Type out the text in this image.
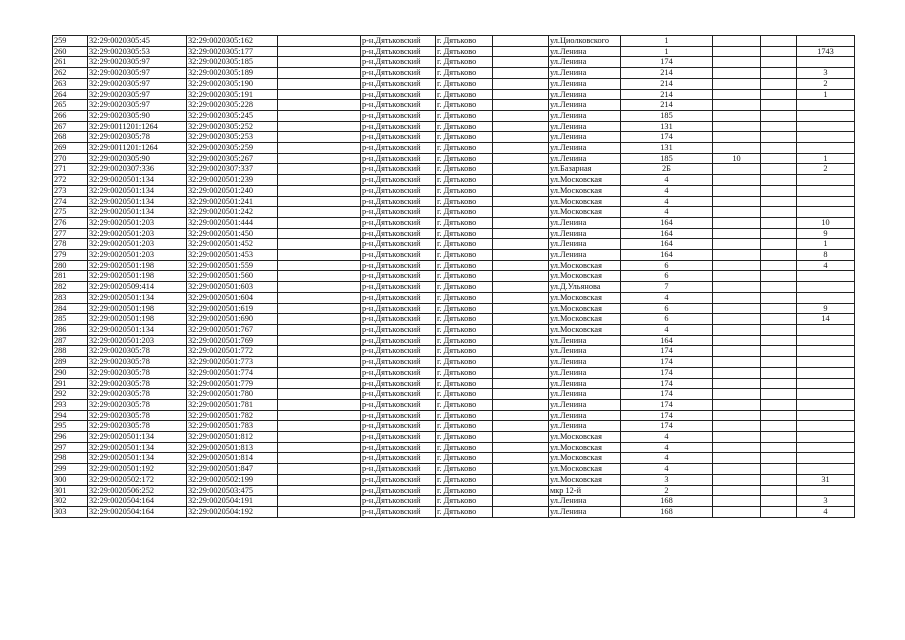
259	32:29:0020305:45	32:29:0020305:162		р-н.Дятьковский	г. Дятьково		ул.Циолковского	1			
260	32:29:0020305:53	32:29:0020305:177		р-н.Дятьковский	г. Дятьково		ул.Ленина	1			1743
261	32:29:0020305:97	32:29:0020305:185		р-н.Дятьковский	г. Дятьково		ул.Ленина	174			
262	32:29:0020305:97	32:29:0020305:189		р-н.Дятьковский	г. Дятьково		ул.Ленина	214			3
263	32:29:0020305:97	32:29:0020305:190		р-н.Дятьковский	г. Дятьково		ул.Ленина	214			2
264	32:29:0020305:97	32:29:0020305:191		р-н.Дятьковский	г. Дятьково		ул.Ленина	214			1
265	32:29:0020305:97	32:29:0020305:228		р-н.Дятьковский	г. Дятьково		ул.Ленина	214			
266	32:29:0020305:90	32:29:0020305:245		р-н.Дятьковский	г. Дятьково		ул.Ленина	185			
267	32:29:0011201:1264	32:29:0020305:252		р-н.Дятьковский	г. Дятьково		ул.Ленина	131			
268	32:29:0020305:78	32:29:0020305:253		р-н.Дятьковский	г. Дятьково		ул.Ленина	174			
269	32:29:0011201:1264	32:29:0020305:259		р-н.Дятьковский	г. Дятьково		ул.Ленина	131			
270	32:29:0020305:90	32:29:0020305:267		р-н.Дятьковский	г. Дятьково		ул.Ленина	185	10		1
271	32:29:0020307:336	32:29:0020307:337		р-н.Дятьковский	г. Дятьково		ул.Базарная	2Б			2
272	32:29:0020501:134	32:29:0020501:239		р-н.Дятьковский	г. Дятьково		ул.Московская	4			
273	32:29:0020501:134	32:29:0020501:240		р-н.Дятьковский	г. Дятьково		ул.Московская	4			
274	32:29:0020501:134	32:29:0020501:241		р-н.Дятьковский	г. Дятьково		ул.Московская	4			
275	32:29:0020501:134	32:29:0020501:242		р-н.Дятьковский	г. Дятьково		ул.Московская	4			
276	32:29:0020501:203	32:29:0020501:444		р-н.Дятьковский	г. Дятьково		ул.Ленина	164			10
277	32:29:0020501:203	32:29:0020501:450		р-н.Дятьковский	г. Дятьково		ул.Ленина	164			9
278	32:29:0020501:203	32:29:0020501:452		р-н.Дятьковский	г. Дятьково		ул.Ленина	164			1
279	32:29:0020501:203	32:29:0020501:453		р-н.Дятьковский	г. Дятьково		ул.Ленина	164			8
280	32:29:0020501:198	32:29:0020501:559		р-н.Дятьковский	г. Дятьково		ул.Московская	6			4
281	32:29:0020501:198	32:29:0020501:560		р-н.Дятьковский	г. Дятьково		ул.Московская	6			
282	32:29:0020509:414	32:29:0020501:603		р-н.Дятьковский	г. Дятьково		ул.Д.Ульянова	7			
283	32:29:0020501:134	32:29:0020501:604		р-н.Дятьковский	г. Дятьково		ул.Московская	4			
284	32:29:0020501:198	32:29:0020501:619		р-н.Дятьковский	г. Дятьково		ул.Московская	6			9
285	32:29:0020501:198	32:29:0020501:690		р-н.Дятьковский	г. Дятьково		ул.Московская	6			14
286	32:29:0020501:134	32:29:0020501:767		р-н.Дятьковский	г. Дятьково		ул.Московская	4			
287	32:29:0020501:203	32:29:0020501:769		р-н.Дятьковский	г. Дятьково		ул.Ленина	164			
288	32:29:0020305:78	32:29:0020501:772		р-н.Дятьковский	г. Дятьково		ул.Ленина	174			
289	32:29:0020305:78	32:29:0020501:773		р-н.Дятьковский	г. Дятьково		ул.Ленина	174			
290	32:29:0020305:78	32:29:0020501:774		р-н.Дятьковский	г. Дятьково		ул.Ленина	174			
291	32:29:0020305:78	32:29:0020501:779		р-н.Дятьковский	г. Дятьково		ул.Ленина	174			
292	32:29:0020305:78	32:29:0020501:780		р-н.Дятьковский	г. Дятьково		ул.Ленина	174			
293	32:29:0020305:78	32:29:0020501:781		р-н.Дятьковский	г. Дятьково		ул.Ленина	174			
294	32:29:0020305:78	32:29:0020501:782		р-н.Дятьковский	г. Дятьково		ул.Ленина	174			
295	32:29:0020305:78	32:29:0020501:783		р-н.Дятьковский	г. Дятьково		ул.Ленина	174			
296	32:29:0020501:134	32:29:0020501:812		р-н.Дятьковский	г. Дятьково		ул.Московская	4			
297	32:29:0020501:134	32:29:0020501:813		р-н.Дятьковский	г. Дятьково		ул.Московская	4			
298	32:29:0020501:134	32:29:0020501:814		р-н.Дятьковский	г. Дятьково		ул.Московская	4			
299	32:29:0020501:192	32:29:0020501:847		р-н.Дятьковский	г. Дятьково		ул.Московская	4			
300	32:29:0020502:172	32:29:0020502:199		р-н.Дятьковский	г. Дятьково		ул.Московская	3			31
301	32:29:0020506:252	32:29:0020503:475		р-н.Дятьковский	г. Дятьково		мкр 12-й	2			
302	32:29:0020504:164	32:29:0020504:191		р-н.Дятьковский	г. Дятьково		ул.Ленина	168			3
303	32:29:0020504:164	32:29:0020504:192		р-н.Дятьковский	г. Дятьково		ул.Ленина	168			4
